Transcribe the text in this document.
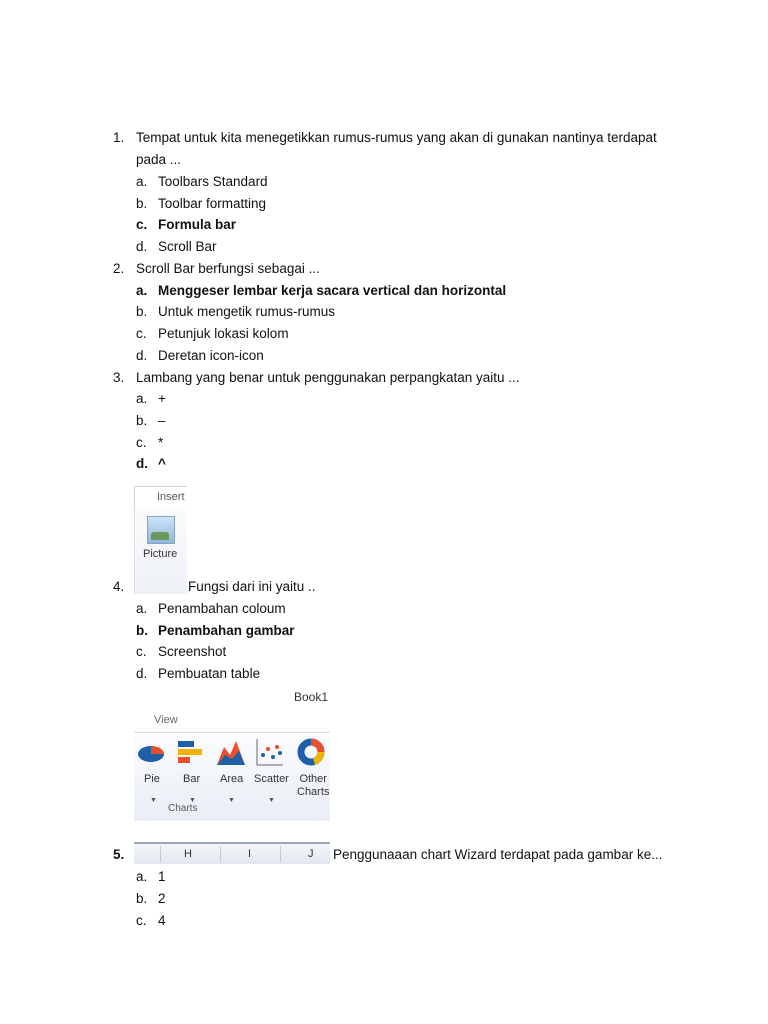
1. Tempat untuk kita menegetikkan rumus-rumus yang akan di gunakan nantinya terdapat
pada ...
a. Toolbars Standard
b. Toolbar formatting
c. Formula bar
d. Scroll Bar
2. Scroll Bar berfungsi sebagai ...
a. Menggeser lembar kerja sacara vertical dan horizontal
b. Untuk mengetik rumus-rumus
c. Petunjuk lokasi kolom
d. Deretan icon-icon
3. Lambang yang benar untuk penggunakan perpangkatan yaitu ...
a. +
b. –
c. *
d. ^
Insert
Picture
4.	Fungsi dari ini yaitu ..
a. Penambahan coloum
b. Penambahan gambar
c. Screenshot
d. Pembuatan table
Book1
View
Pie
▼
Bar
▼
Area
▼
Scatter
▼
Other
Charts
Charts
H	I	J
5.	Penggunaaan chart Wizard terdapat pada gambar ke...
a. 1
b. 2
c. 4
